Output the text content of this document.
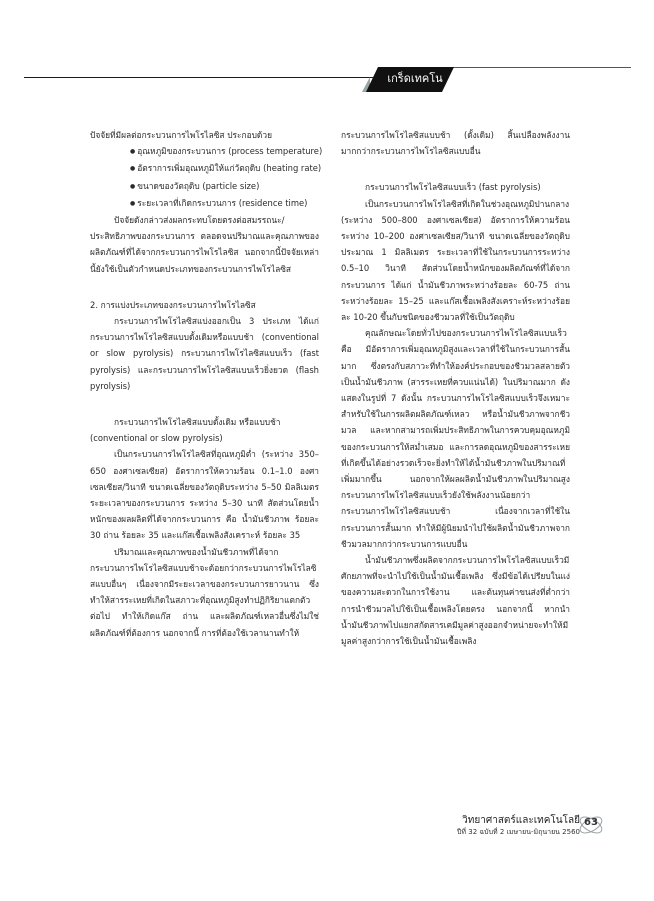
เกร็ดเทคโน

ปัจจัยที่มีผลต่อกระบวนการไพโรไลซิส ประกอบด้วย

● อุณหภูมิของกระบวนการ (process temperature)

● อัตราการเพิ่มอุณหภูมิให้แก่วัตถุดิบ (heating rate)

● ขนาดของวัตถุดิบ (particle size)

● ระยะเวลาที่เกิดกระบวนการ (residence time)

ปัจจัยดังกล่าวส่งผลกระทบโดยตรงต่อสมรรถนะ/ประสิทธิภาพของกระบวนการ ตลอดจนปริมาณและคุณภาพของผลิตภัณฑ์ที่ได้จากกระบวนการไพโรไลซิส นอกจากนี้ปัจจัยเหล่านี้ยังใช้เป็นตัวกำหนดประเภทของกระบวนการไพโรไลซิส

2. การแบ่งประเภทของกระบวนการไพโรไลซิส

กระบวนการไพโรไลซิสแบ่งออกเป็น 3 ประเภท ได้แก่ กระบวนการไพโรไลซิสแบบดั้งเดิมหรือแบบช้า (conventional or slow pyrolysis) กระบวนการไพโรไลซิสแบบเร็ว (fast pyrolysis) และกระบวนการไพโรไลซิสแบบเร็วยิ่งยวด (flash pyrolysis)

กระบวนการไพโรไลซิสแบบดั้งเดิม หรือแบบช้า

(conventional or slow pyrolysis)

เป็นกระบวนการไพโรไลซิสที่อุณหภูมิต่ำ (ระหว่าง 350–650 องศาเซลเซียส) อัตราการให้ความร้อน 0.1–1.0 องศาเซลเซียส/วินาที ขนาดเฉลี่ยของวัตถุดิบระหว่าง 5–50 มิลลิเมตร ระยะเวลาของกระบวนการ ระหว่าง 5–30 นาที สัดส่วนโดยน้ำหนักของผลผลิตที่ได้จากกระบวนการ คือ น้ำมันชีวภาพ ร้อยละ 30 ถ่าน ร้อยละ 35 และแก๊สเชื้อเพลิงสังเคราะห์ ร้อยละ 35

ปริมาณและคุณภาพของน้ำมันชีวภาพที่ได้จากกระบวนการไพโรไลซิสแบบช้าจะด้อยกว่ากระบวนการไพโรไลซิสแบบอื่นๆ เนื่องจากมีระยะเวลาของกระบวนการยาวนาน ซึ่งทำให้สารระเหยที่เกิดในสภาวะที่อุณหภูมิสูงทำปฏิกิริยาแตกตัวต่อไป ทำให้เกิดแก๊ส ถ่าน และผลิตภัณฑ์เหลวอื่นซึ่งไม่ใช่ผลิตภัณฑ์ที่ต้องการ นอกจากนี้ การที่ต้องใช้เวลานานทำให้

กระบวนการไพโรไลซิสแบบช้า (ดั้งเดิม) สิ้นเปลืองพลังงานมากกว่ากระบวนการไพโรไลซิสแบบอื่น

กระบวนการไพโรไลซิสแบบเร็ว (fast pyrolysis)

เป็นกระบวนการไพโรไลซิสที่เกิดในช่วงอุณหภูมิปานกลาง (ระหว่าง 500–800 องศาเซลเซียส) อัตราการให้ความร้อนระหว่าง 10–200 องศาเซลเซียส/วินาที ขนาดเฉลี่ยของวัตถุดิบประมาณ 1 มิลลิเมตร ระยะเวลาที่ใช้ในกระบวนการระหว่าง 0.5–10 วินาที สัดส่วนโดยน้ำหนักของผลิตภัณฑ์ที่ได้จากกระบวนการ ได้แก่ น้ำมันชีวภาพระหว่างร้อยละ 60-75 ถ่านระหว่างร้อยละ 15–25 และแก๊สเชื้อเพลิงสังเคราะห์ระหว่างร้อยละ 10-20 ขึ้นกับชนิดของชีวมวลที่ใช้เป็นวัตถุดิบ

คุณลักษณะโดยทั่วไปของกระบวนการไพโรไลซิสแบบเร็ว คือ มีอัตราการเพิ่มอุณหภูมิสูงและเวลาที่ใช้ในกระบวนการสั้นมาก ซึ่งตรงกับสภาวะที่ทำให้องค์ประกอบของชีวมวลสลายตัวเป็นน้ำมันชีวภาพ (สารระเหยที่ควบแน่นได้) ในปริมาณมาก ดังแสดงในรูปที่ 7 ดังนั้น กระบวนการไพโรไลซิสแบบเร็วจึงเหมาะสำหรับใช้ในการผลิตผลิตภัณฑ์เหลว หรือน้ำมันชีวภาพจากชีวมวล และหากสามารถเพิ่มประสิทธิภาพในการควบคุมอุณหภูมิของกระบวนการให้สม่ำเสมอ และการลดอุณหภูมิของสารระเหยที่เกิดขึ้นได้อย่างรวดเร็วจะยิ่งทำให้ได้น้ำมันชีวภาพในปริมาณที่เพิ่มมากขึ้น นอกจากให้ผลผลิตน้ำมันชีวภาพในปริมาณสูง กระบวนการไพโรไลซิสแบบเร็วยังใช้พลังงานน้อยกว่ากระบวนการไพโรไลซิสแบบช้า เนื่องจากเวลาที่ใช้ในกระบวนการสั้นมาก ทำให้มีผู้นิยมนำไปใช้ผลิตน้ำมันชีวภาพจากชีวมวลมากกว่ากระบวนการแบบอื่น

น้ำมันชีวภาพซึ่งผลิตจากกระบวนการไพโรไลซิสแบบเร็วมีศักยภาพที่จะนำไปใช้เป็นน้ำมันเชื้อเพลิง ซึ่งมีข้อได้เปรียบในแง่ของความสะดวกในการใช้งาน และต้นทุนค่าขนส่งที่ต่ำกว่าการนำชีวมวลไปใช้เป็นเชื้อเพลิงโดยตรง นอกจากนี้ หากนำน้ำมันชีวภาพไปแยกสกัดสารเคมีมูลค่าสูงออกจำหน่ายจะทำให้มีมูลค่าสูงกว่าการใช้เป็นน้ำมันเชื้อเพลิง

วิทยาศาสตร์และเทคโนโลยี
ปีที่ 32 ฉบับที่ 2 เมษายน-มิถุนายน 2560
63
